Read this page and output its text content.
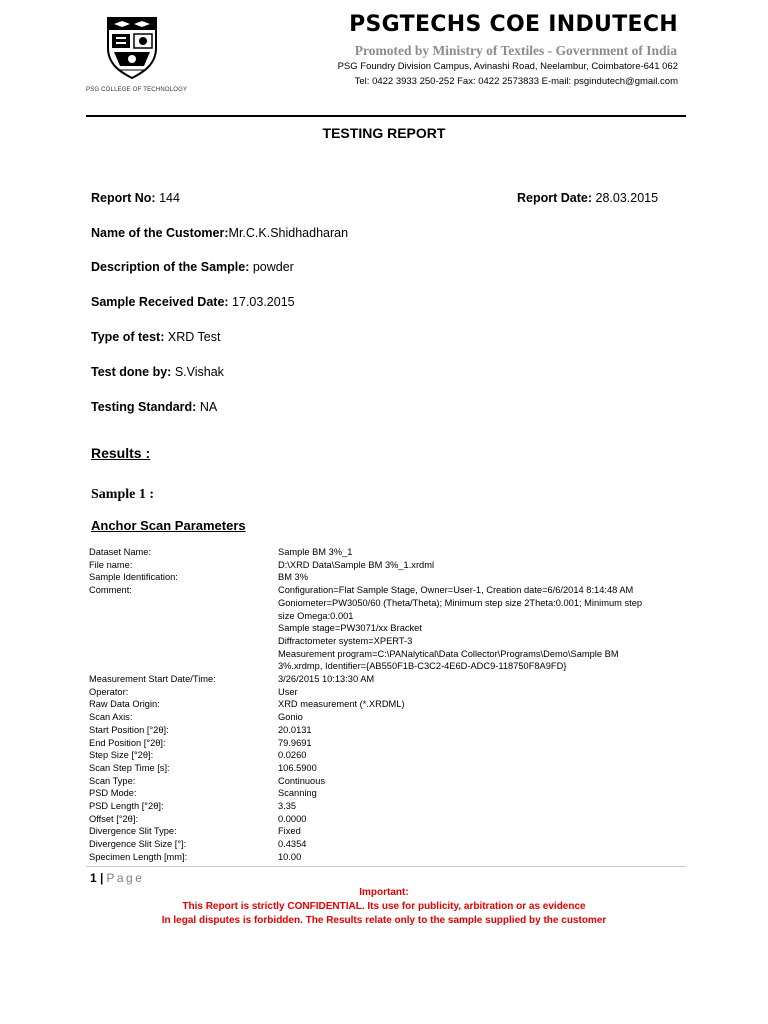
PSG COLLEGE OF TECHNOLOGY
PSGTECHS COE INDUTECH
Promoted by Ministry of Textiles - Government of India
PSG Foundry Division Campus, Avinashi Road, Neelambur, Coimbatore-641 062
Tel: 0422 3933 250-252 Fax: 0422 2573833 E-mail: psgindutech@gmail.com
TESTING REPORT
Report No: 144	Report Date: 28.03.2015
Name of the Customer:Mr.C.K.Shidhadharan
Description of the Sample: powder
Sample Received Date: 17.03.2015
Type of test: XRD Test
Test done by: S.Vishak
Testing Standard: NA
Results :
Sample 1 :
Anchor Scan Parameters
Dataset Name:	Sample BM 3%_1
File name:	D:\XRD Data\Sample BM 3%_1.xrdml
Sample Identification:	BM 3%
Comment:	Configuration=Flat Sample Stage, Owner=User-1, Creation date=6/6/2014 8:14:48 AM
Goniometer=PW3050/60 (Theta/Theta); Minimum step size 2Theta:0.001; Minimum step
size Omega:0.001
Sample stage=PW3071/xx Bracket
Diffractometer system=XPERT-3
Measurement program=C:\PANalytical\Data Collector\Programs\Demo\Sample BM
3%.xrdmp, Identifier={AB550F1B-C3C2-4E6D-ADC9-118750F8A9FD}
Measurement Start Date/Time:	3/26/2015 10:13:30 AM
Operator:	User
Raw Data Origin:	XRD measurement (*.XRDML)
Scan Axis:	Gonio
Start Position [°2θ]:	20.0131
End Position [°2θ]:	79.9691
Step Size [°2θ]:	0.0260
Scan Step Time [s]:	106.5900
Scan Type:	Continuous
PSD Mode:	Scanning
PSD Length [°2θ]:	3.35
Offset [°2θ]:	0.0000
Divergence Slit Type:	Fixed
Divergence Slit Size [°]:	0.4354
Specimen Length [mm]:	10.00
1 | Page
Important:
This Report is strictly CONFIDENTIAL. Its use for publicity, arbitration or as evidence
In legal disputes is forbidden. The Results relate only to the sample supplied by the customer
